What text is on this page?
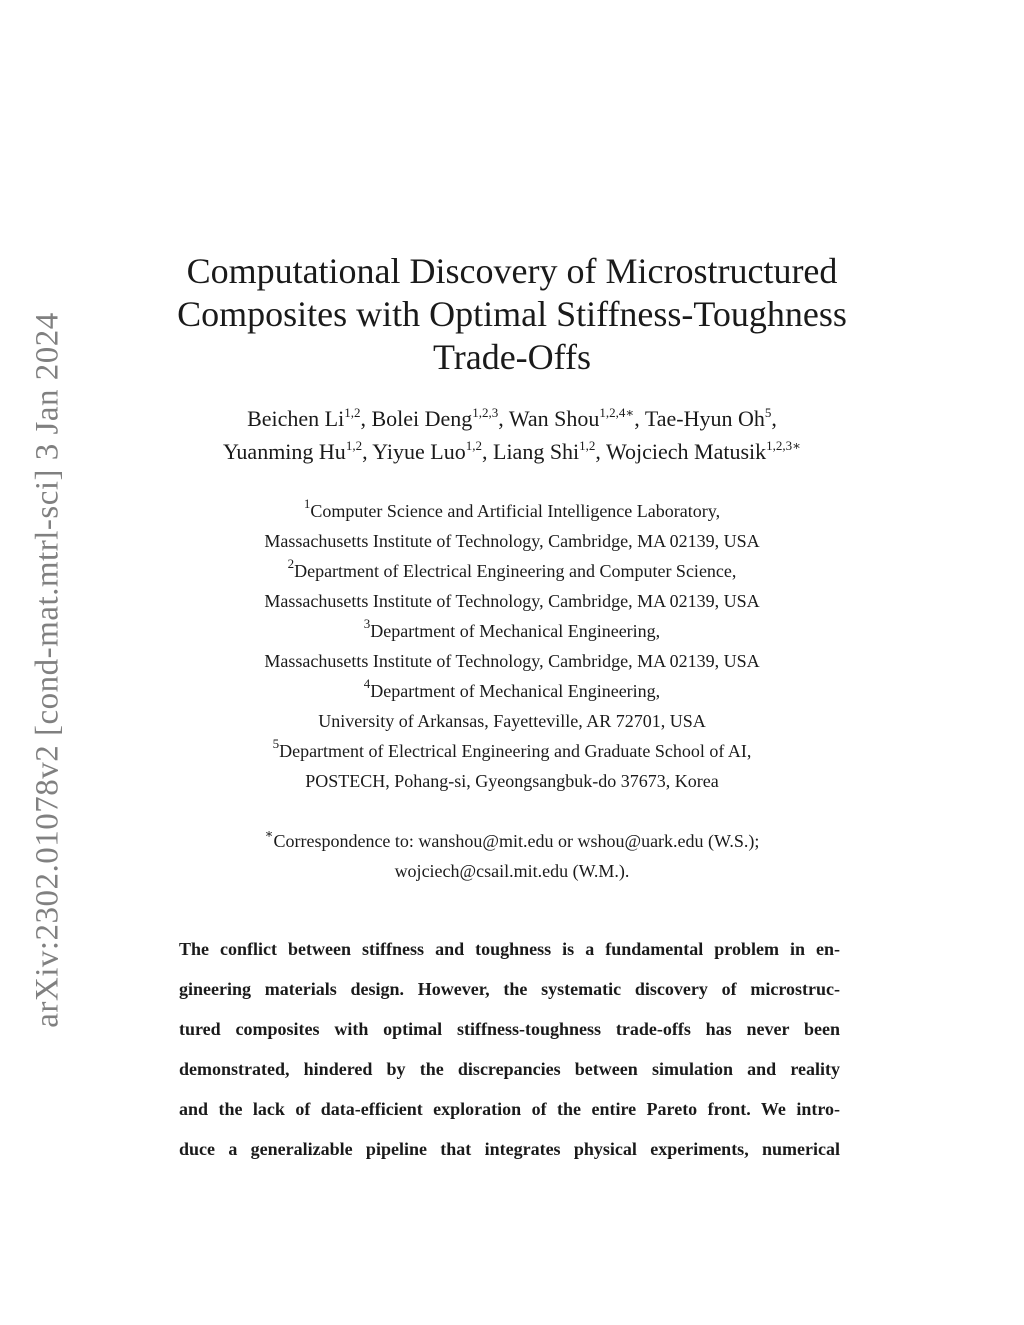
arXiv:2302.01078v2 [cond-mat.mtrl-sci] 3 Jan 2024
Computational Discovery of Microstructured
Composites with Optimal Stiffness-Toughness
Trade-Offs
Beichen Li$^{1,2}$, Bolei Deng$^{1,2,3}$, Wan Shou$^{1,2,4∗}$, Tae-Hyun Oh$^5$,
Yuanming Hu$^{1,2}$, Yiyue Luo$^{1,2}$, Liang Shi$^{1,2}$, Wojciech Matusik$^{1,2,3∗}$
$^1$Computer Science and Artificial Intelligence Laboratory,
Massachusetts Institute of Technology, Cambridge, MA 02139, USA
$^2$Department of Electrical Engineering and Computer Science,
Massachusetts Institute of Technology, Cambridge, MA 02139, USA
$^3$Department of Mechanical Engineering,
Massachusetts Institute of Technology, Cambridge, MA 02139, USA
$^4$Department of Mechanical Engineering,
University of Arkansas, Fayetteville, AR 72701, USA
$^5$Department of Electrical Engineering and Graduate School of AI,
POSTECH, Pohang-si, Gyeongsangbuk-do 37673, Korea
∗Correspondence to: wanshou@mit.edu or wshou@uark.edu (W.S.);
wojciech@csail.mit.edu (W.M.).
The conflict between stiffness and toughness is a fundamental problem in en-
gineering materials design. However, the systematic discovery of microstruc-
tured composites with optimal stiffness-toughness trade-offs has never been
demonstrated, hindered by the discrepancies between simulation and reality
and the lack of data-efficient exploration of the entire Pareto front. We intro-
duce a generalizable pipeline that integrates physical experiments, numerical
